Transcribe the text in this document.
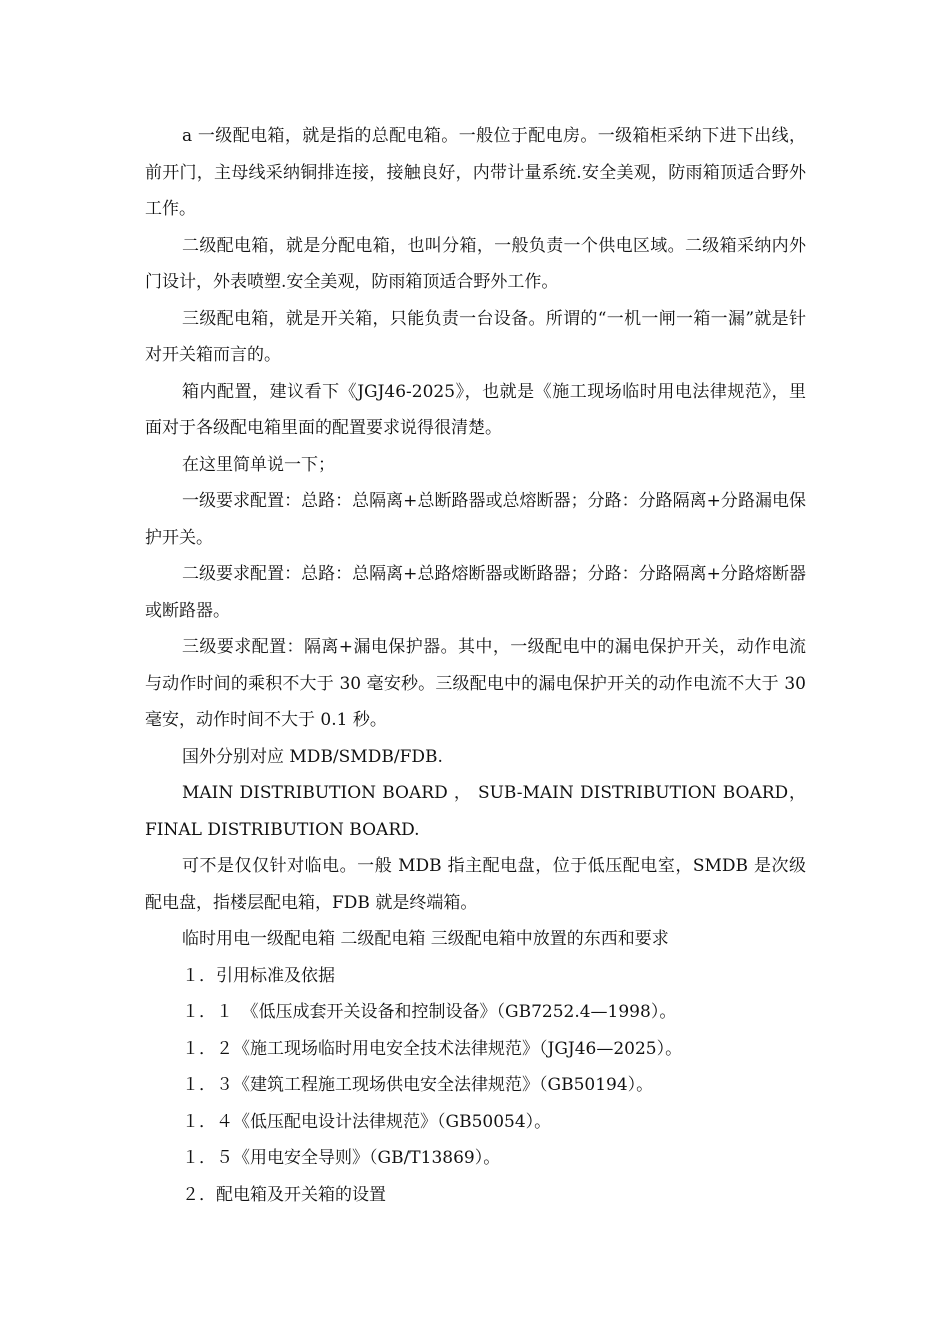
a 一级配电箱，就是指的总配电箱。一般位于配电房。一级箱柜采纳下进下出线，前开门，主母线采纳铜排连接，接触良好，内带计量系统.安全美观，防雨箱顶适合野外工作。

二级配电箱，就是分配电箱，也叫分箱，一般负责一个供电区域。二级箱采纳内外门设计，外表喷塑.安全美观，防雨箱顶适合野外工作。

三级配电箱，就是开关箱，只能负责一台设备。所谓的“一机一闸一箱一漏”就是针对开关箱而言的。

箱内配置，建议看下《JGJ46-2025》，也就是《施工现场临时用电法律规范》，里面对于各级配电箱里面的配置要求说得很清楚。

在这里简单说一下；

一级要求配置：总路：总隔离+总断路器或总熔断器；分路：分路隔离+分路漏电保护开关。

二级要求配置：总路：总隔离+总路熔断器或断路器；分路：分路隔离+分路熔断器或断路器。

三级要求配置：隔离+漏电保护器。其中，一级配电中的漏电保护开关，动作电流与动作时间的乘积不大于 30 毫安秒。三级配电中的漏电保护开关的动作电流不大于 30 毫安，动作时间不大于 0.1 秒。

国外分别对应 MDB/SMDB/FDB.

MAIN DISTRIBUTION BOARD ， SUB-MAIN DISTRIBUTION BOARD，FINAL DISTRIBUTION BOARD.

可不是仅仅针对临电。一般 MDB 指主配电盘，位于低压配电室，SMDB 是次级配电盘，指楼层配电箱，FDB 就是终端箱。

临时用电一级配电箱 二级配电箱 三级配电箱中放置的东西和要求

１．引用标准及依据

１．１　《低压成套开关设备和控制设备》（GB7252.4—1998）。

１．２《施工现场临时用电安全技术法律规范》（JGJ46—2025）。

１．３《建筑工程施工现场供电安全法律规范》（GB50194）。

１．４《低压配电设计法律规范》（GB50054）。

１．５《用电安全导则》（GB/T13869）。

２．配电箱及开关箱的设置
